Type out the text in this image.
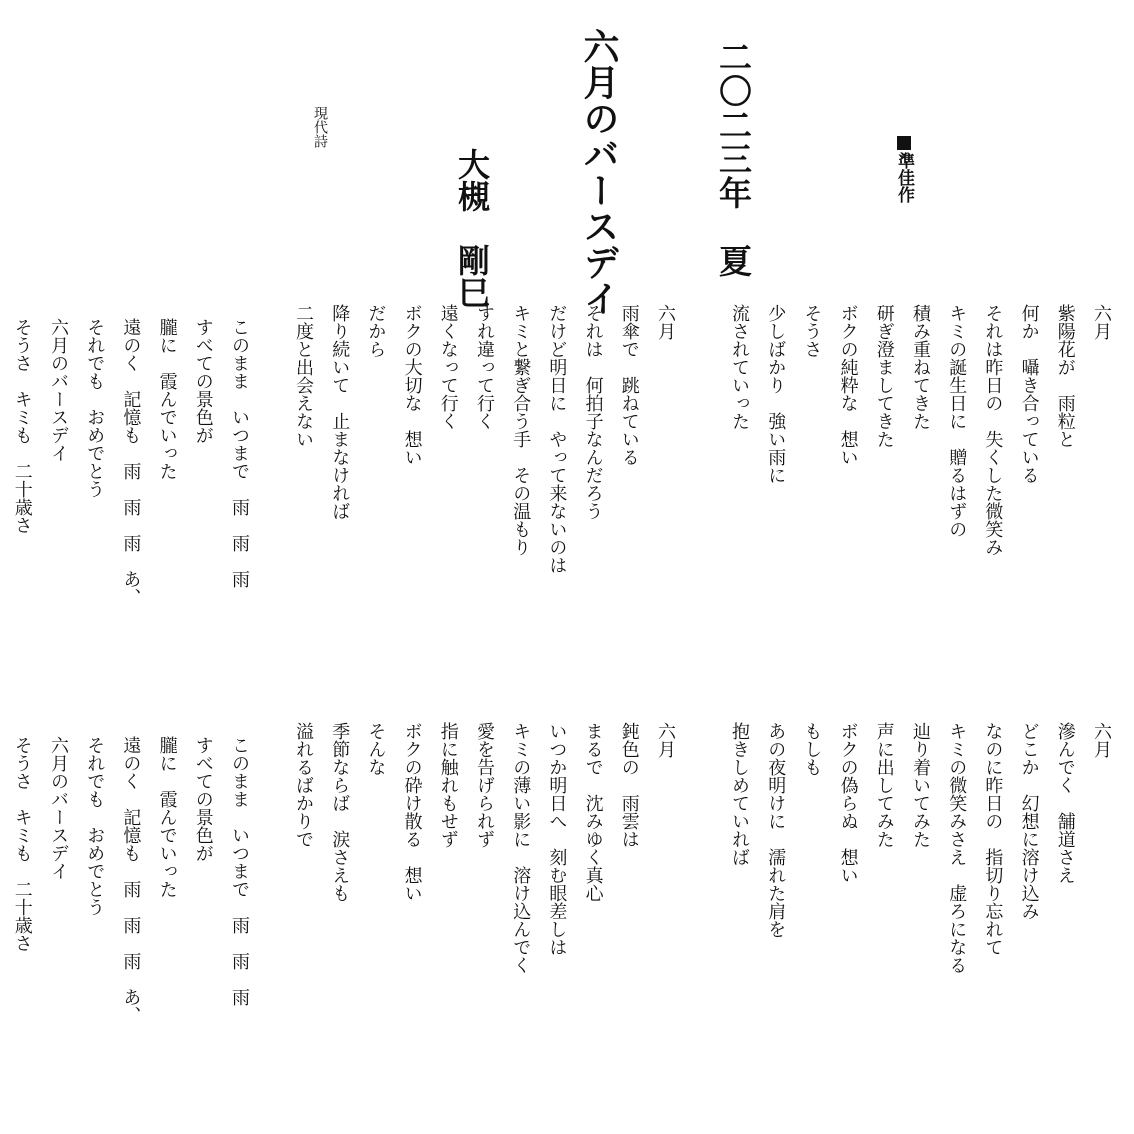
準佳作

二〇二三年　夏
六月のバースデイ
大槻　剛巳
現代詩
六月
紫陽花が　雨粒と
何か　囁き合っている
それは昨日の　失くした微笑み
キミの誕生日に　贈るはずの
積み重ねてきた
研ぎ澄ましてきた
ボクの純粋な　想い
そうさ
少しばかり　強い雨に
流されていった
六月
雨傘で　跳ねている
それは　何拍子なんだろう
だけど明日に　やって来ないのは
キミと繋ぎ合う手　その温もり
すれ違って行く
遠くなって行く
ボクの大切な　想い
だから
降り続いて　止まなければ
二度と出会えない
このまま　いつまで　雨　雨　雨
すべての景色が
朧に　霞んでいった
遠のく　記憶も　雨　雨　雨　あ、
それでも　おめでとう
六月のバースデイ
そうさ　キミも　二十歳さ
六月
滲んでく　舗道さえ
どこか　幻想に溶け込み
なのに昨日の　指切り忘れて
キミの微笑みさえ　虚ろになる
辿り着いてみた
声に出してみた
ボクの偽らぬ　想い
もしも
あの夜明けに　濡れた肩を
抱きしめていれば
六月
鈍色の　雨雲は
まるで　沈みゆく真心
いつか明日へ　刻む眼差しは
キミの薄い影に　溶け込んでく
愛を告げられず
指に触れもせず
ボクの砕け散る　想い
そんな
季節ならば　涙さえも
溢れるばかりで
このまま　いつまで　雨　雨　雨
すべての景色が
朧に　霞んでいった
遠のく　記憶も　雨　雨　雨　あ、
それでも　おめでとう
六月のバースデイ
そうさ　キミも　二十歳さ
